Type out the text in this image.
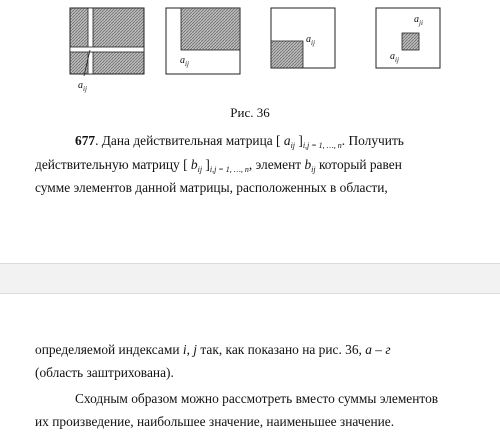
$a_{ij}$
$a_{ij}$
$a_{ij}$
$a_{ji}$
$a_{ij}$
Рис. 36
677. Дана действительная матрица [ $a_{ij}$ ]$_{i,j = 1, \dots, n}$. Получить
действительную матрицу [ $b_{ij}$ ]$_{i,j = 1, \dots, n}$, элемент $b_{ij}$ который равен
сумме элементов данной матрицы, расположенных в области,
определяемой индексами i, j так, как показано на рис. 36, а – г
(область заштрихована).
Сходным образом можно рассмотреть вместо суммы элементов
их произведение, наибольшее значение, наименьшее значение.
